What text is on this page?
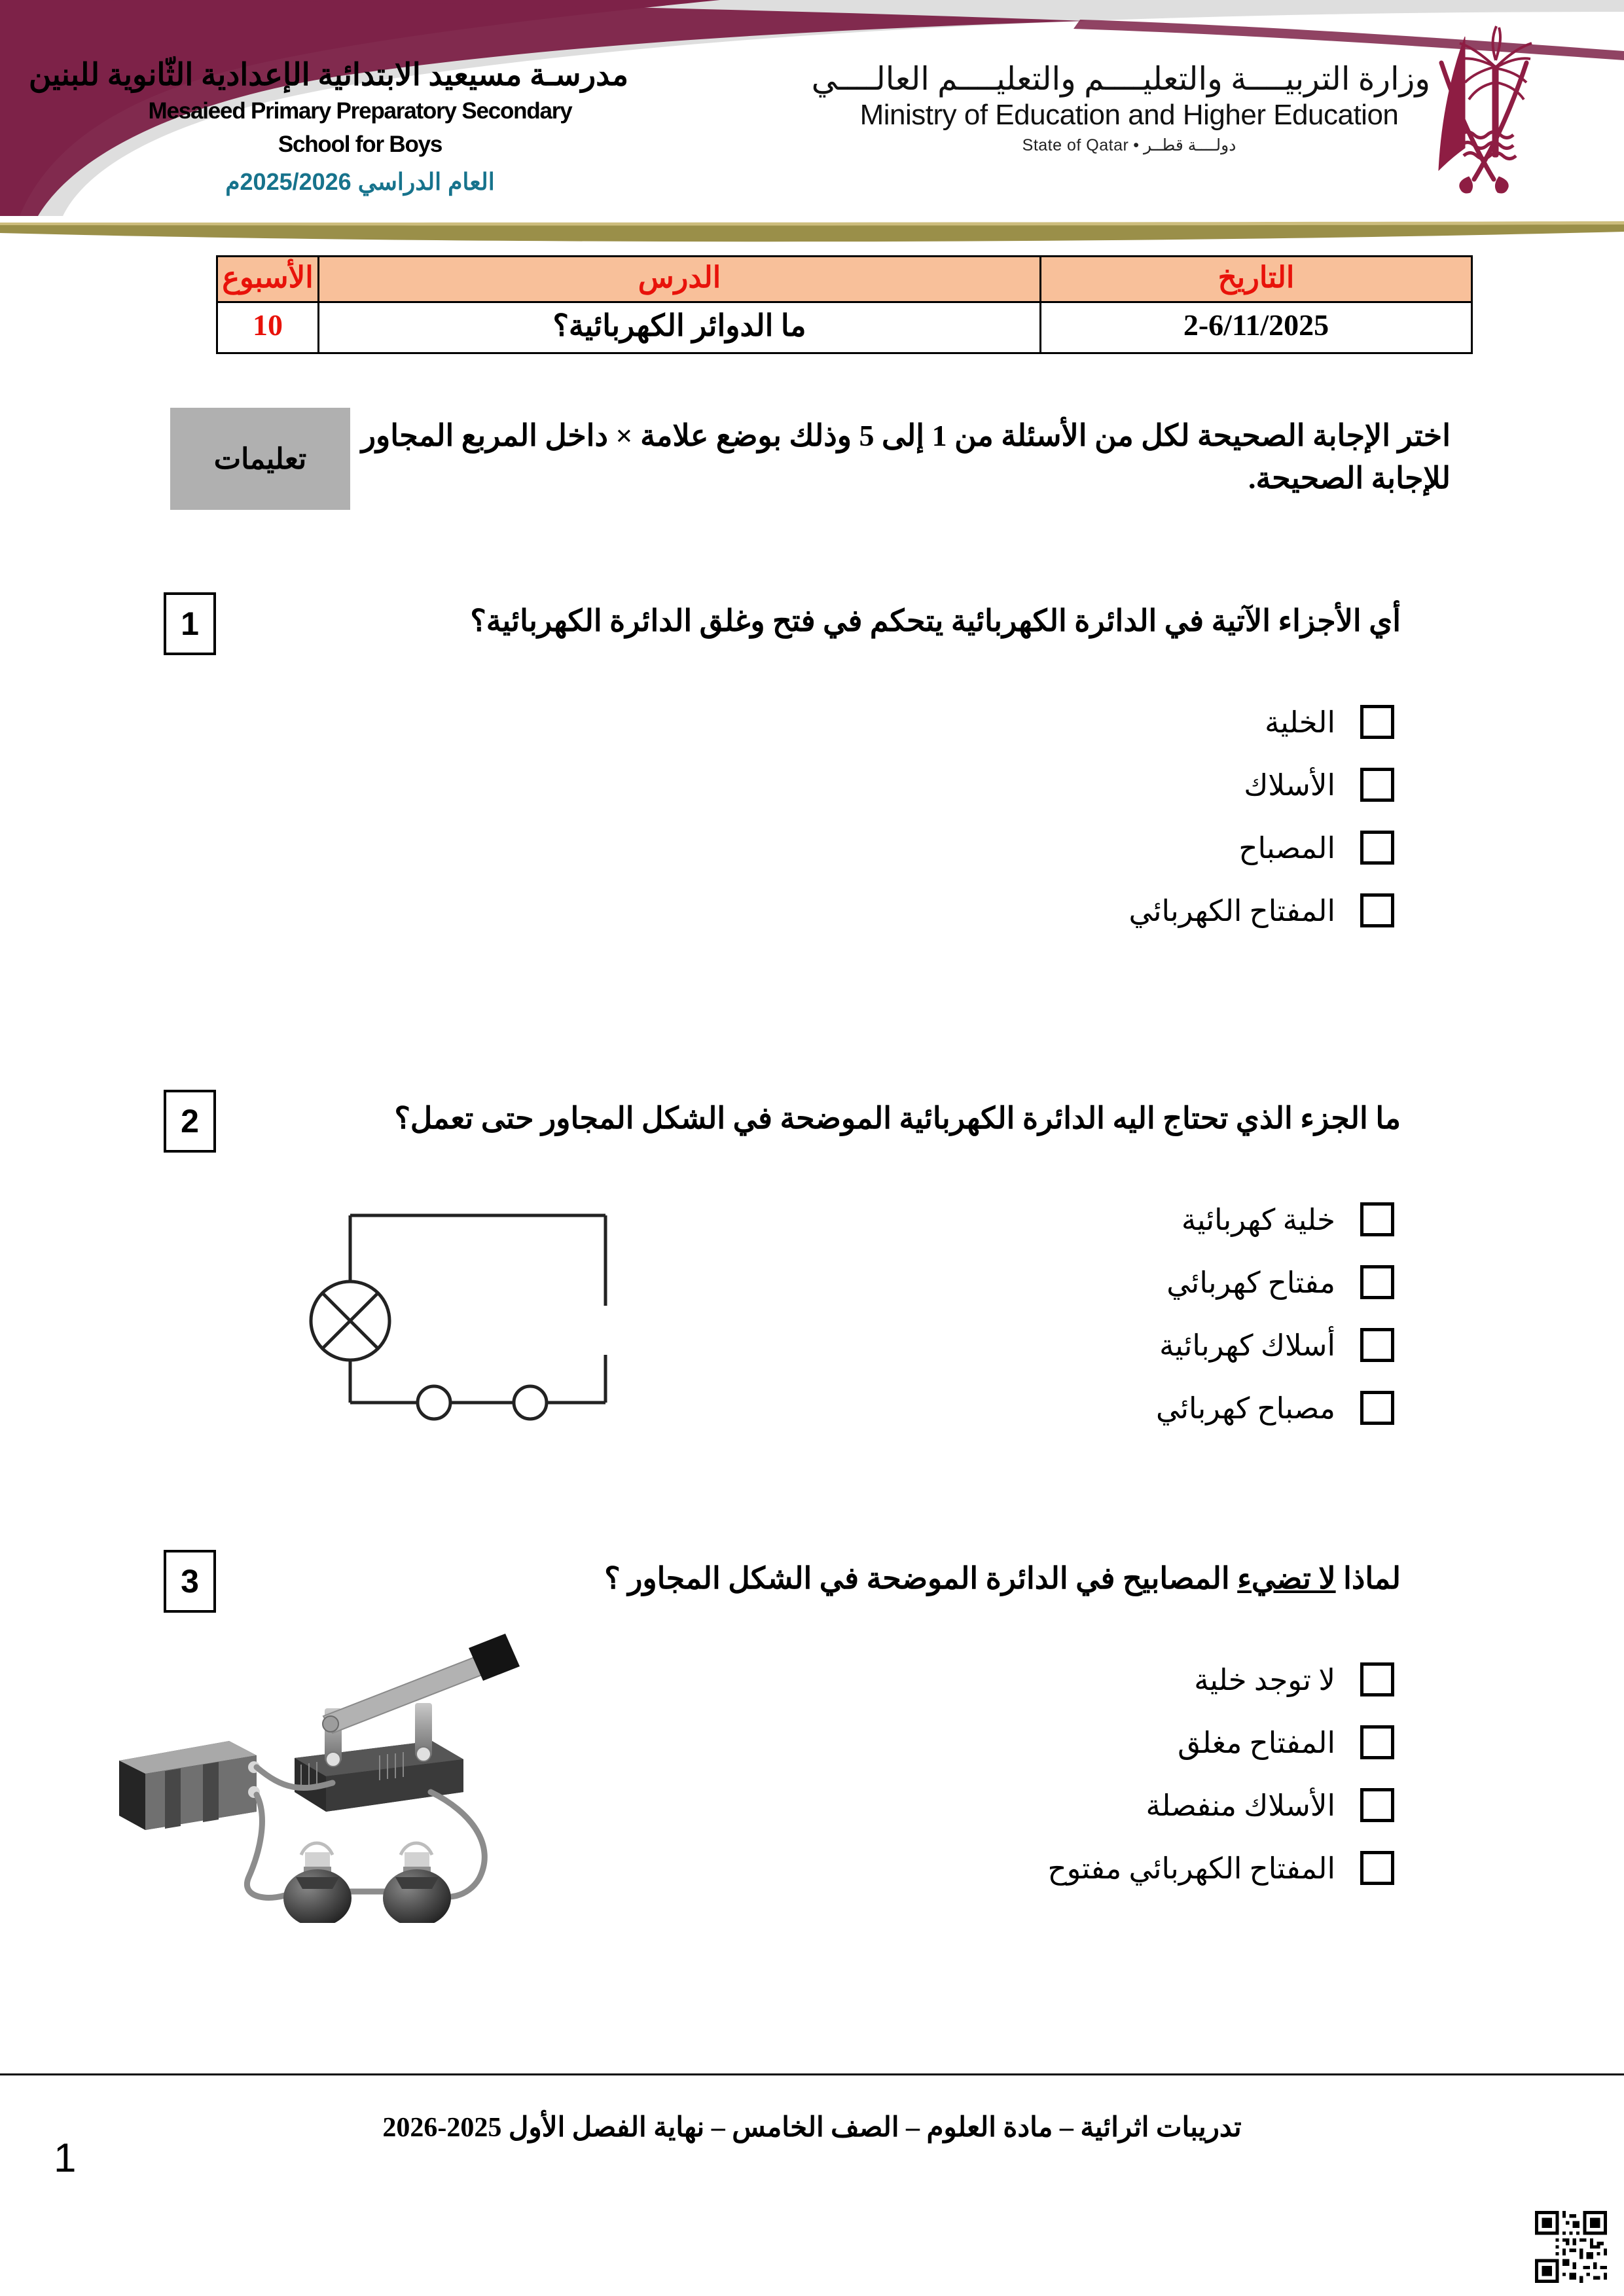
مدرسـة مسيعيد الابتدائية الإعدادية الثّانوية للبنين
Mesaieed Primary Preparatory Secondary
School for Boys
العام الدراسي 2025/2026م
وزارة التربيــــة والتعليــــم والتعليــــم العالــــي
Ministry of Education and Higher Education
دولــــة قطــر • State of Qatar
التاريخ	الدرس	الأسبوع
2-6/11/2025	ما الدوائر الكهربائية؟	10
تعليمات
اختر الإجابة الصحيحة لكل من الأسئلة من 1 إلى 5 وذلك بوضع علامة × داخل المربع المجاور للإجابة الصحيحة.
1	أي الأجزاء الآتية في الدائرة الكهربائية يتحكم في فتح وغلق الدائرة الكهربائية؟
الخلية
الأسلاك
المصباح
المفتاح الكهربائي
2	ما الجزء الذي تحتاج اليه الدائرة الكهربائية الموضحة في الشكل المجاور حتى تعمل؟
خلية كهربائية
مفتاح كهربائي
أسلاك كهربائية
مصباح كهربائي
3	لماذا لا تضيء المصابيح في الدائرة الموضحة في الشكل المجاور ؟
لا توجد خلية
المفتاح مغلق
الأسلاك منفصلة
المفتاح الكهربائي مفتوح
تدريبات اثرائية – مادة العلوم – الصف الخامس – نهاية الفصل الأول 2025-2026
1
